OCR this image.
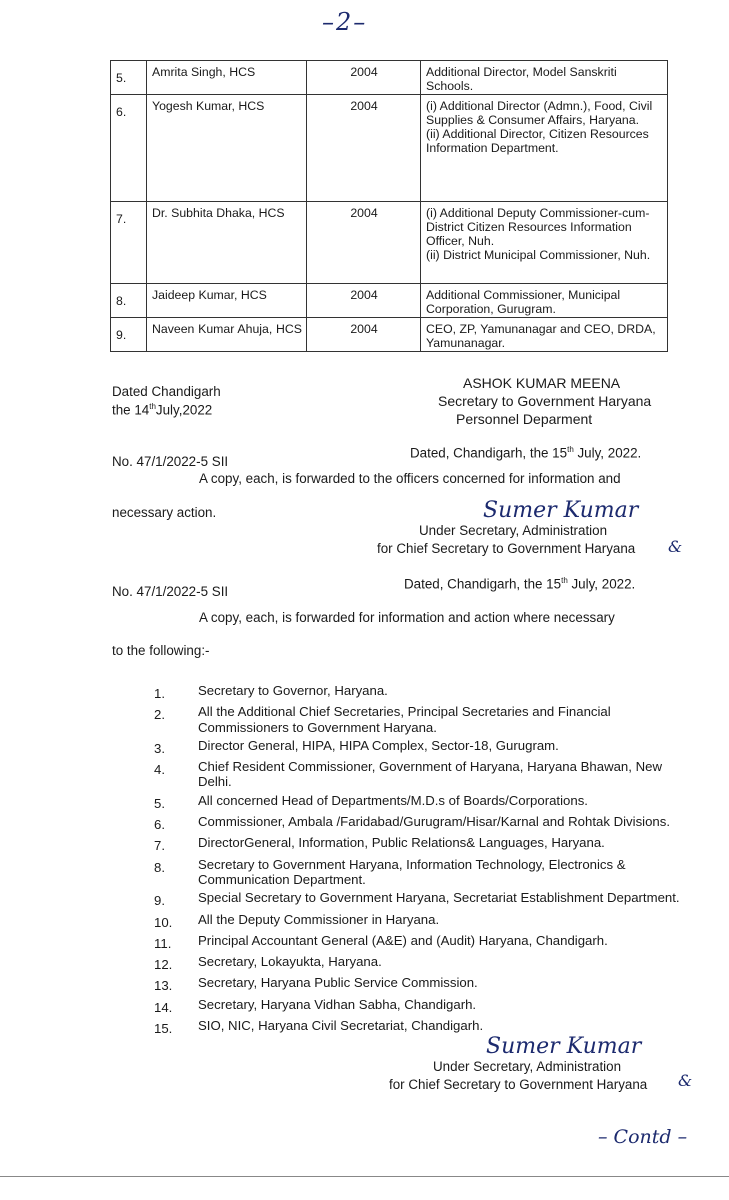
–2–
5.	Amrita Singh, HCS	2004	Additional Director, Model Sanskriti Schools.
6.	Yogesh Kumar, HCS	2004	(i) Additional Director (Admn.), Food, Civil Supplies & Consumer Affairs, Haryana.
(ii) Additional Director, Citizen Resources Information Department.
7.	Dr. Subhita Dhaka, HCS	2004	(i) Additional Deputy Commissioner-cum-District Citizen Resources Information Officer, Nuh.
(ii) District Municipal Commissioner, Nuh.
8.	Jaideep Kumar, HCS	2004	Additional Commissioner, Municipal Corporation, Gurugram.
9.	Naveen Kumar Ahuja, HCS	2004	CEO, ZP, Yamunanagar and CEO, DRDA, Yamunanagar.
Dated Chandigarh
the 14thJuly,2022
ASHOK KUMAR MEENA
Secretary to Government Haryana
Personnel Deparment
No. 47/1/2022-5 SII
Dated, Chandigarh, the 15th July, 2022.
A copy, each, is forwarded to the officers concerned for information and
necessary action.	Sumer Kumar
Under Secretary, Administration
for Chief Secretary to Government Haryana &
No. 47/1/2022-5 SII
Dated, Chandigarh, the 15th July, 2022.
A copy, each, is forwarded for information and action where necessary
to the following:-
1.	Secretary to Governor, Haryana.
2.	All the Additional Chief Secretaries, Principal Secretaries and Financial Commissioners to Government Haryana.
3.	Director General, HIPA, HIPA Complex, Sector-18, Gurugram.
4.	Chief Resident Commissioner, Government of Haryana, Haryana Bhawan, New Delhi.
5.	All concerned Head of Departments/M.D.s of Boards/Corporations.
6.	Commissioner, Ambala /Faridabad/Gurugram/Hisar/Karnal and Rohtak Divisions.
7.	DirectorGeneral, Information, Public Relations& Languages, Haryana.
8.	Secretary to Government Haryana, Information Technology, Electronics & Communication Department.
9.	Special Secretary to Government Haryana, Secretariat Establishment Department.
10.	All the Deputy Commissioner in Haryana.
11.	Principal Accountant General (A&E) and (Audit) Haryana, Chandigarh.
12.	Secretary, Lokayukta, Haryana.
13.	Secretary, Haryana Public Service Commission.
14.	Secretary, Haryana Vidhan Sabha, Chandigarh.
15.	SIO, NIC, Haryana Civil Secretariat, Chandigarh.
Sumer Kumar
Under Secretary, Administration
for Chief Secretary to Government Haryana &
– Contd –
